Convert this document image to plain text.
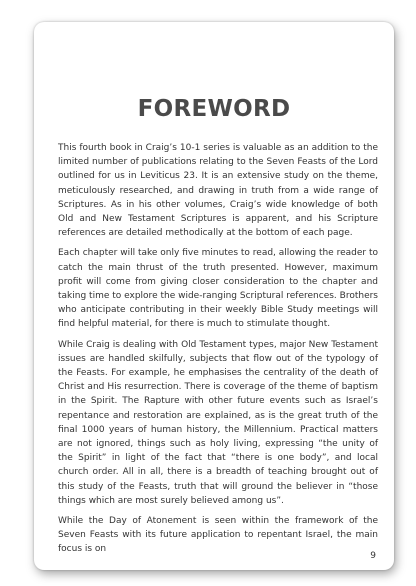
FOREWORD

This fourth book in Craig’s 10-1 series is valuable as an addition to the limited number of publications relating to the Seven Feasts of the Lord outlined for us in Leviticus 23. It is an extensive study on the theme, meticulously researched, and drawing in truth from a wide range of Scriptures. As in his other volumes, Craig’s wide knowledge of both Old and New Testament Scriptures is apparent, and his Scripture references are detailed methodically at the bottom of each page.

Each chapter will take only five minutes to read, allowing the reader to catch the main thrust of the truth presented. However, maximum profit will come from giving closer consideration to the chapter and taking time to explore the wide-ranging Scriptural references. Brothers who anticipate contributing in their weekly Bible Study meetings will find helpful material, for there is much to stimulate thought.

While Craig is dealing with Old Testament types, major New Testament issues are handled skilfully, subjects that flow out of the typology of the Feasts. For example, he emphasises the centrality of the death of Christ and His resurrection. There is coverage of the theme of baptism in the Spirit. The Rapture with other future events such as Israel’s repentance and restoration are explained, as is the great truth of the final 1000 years of human history, the Millennium. Practical matters are not ignored, things such as holy living, expressing “the unity of the Spirit” in light of the fact that “there is one body”, and local church order. All in all, there is a breadth of teaching brought out of this study of the Feasts, truth that will ground the believer in “those things which are most surely believed among us”.

While the Day of Atonement is seen within the framework of the Seven Feasts with its future application to repentant Israel, the main focus is on

9
